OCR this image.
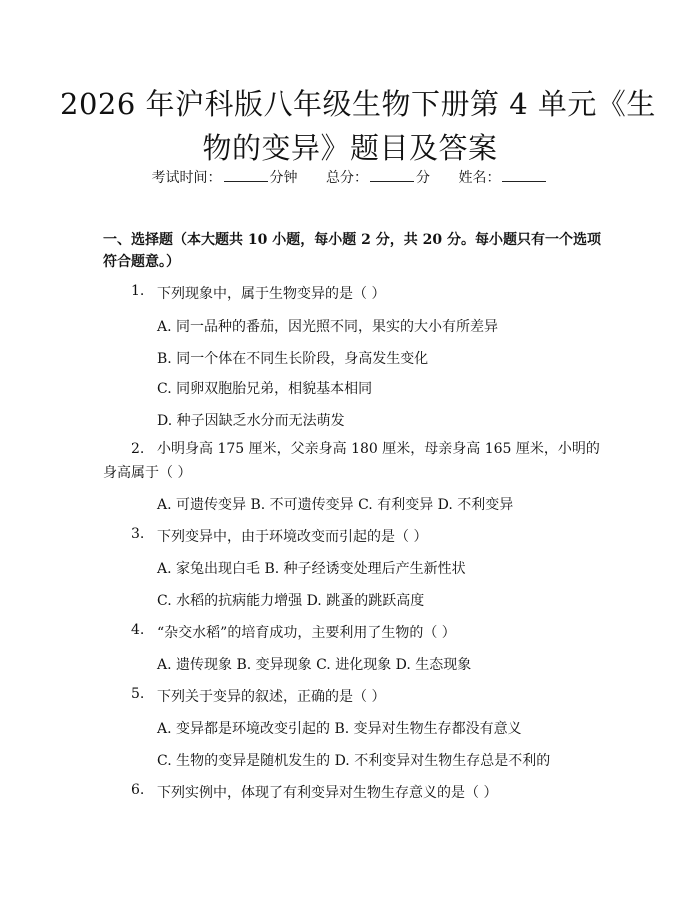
2026 年沪科版八年级生物下册第 4 单元《生
物的变异》题目及答案
考试时间：	分钟 总分：	分 姓名：
一、选择题（本大题共 10 小题，每小题 2 分，共 20 分。每小题只有一个选项符合题意。）
1. 下列现象中，属于生物变异的是（ ）
A. 同一品种的番茄，因光照不同，果实的大小有所差异
B. 同一个体在不同生长阶段，身高发生变化
C. 同卵双胞胎兄弟，相貌基本相同
D. 种子因缺乏水分而无法萌发
2. 小明身高 175 厘米，父亲身高 180 厘米，母亲身高 165 厘米，小明的身高属于（ ）
A. 可遗传变异 B. 不可遗传变异 C. 有利变异 D. 不利变异
3. 下列变异中，由于环境改变而引起的是（ ）
A. 家兔出现白毛 B. 种子经诱变处理后产生新性状
C. 水稻的抗病能力增强 D. 跳蚤的跳跃高度
4. “杂交水稻”的培育成功，主要利用了生物的（ ）
A. 遗传现象 B. 变异现象 C. 进化现象 D. 生态现象
5. 下列关于变异的叙述，正确的是（ ）
A. 变异都是环境改变引起的 B. 变异对生物生存都没有意义
C. 生物的变异是随机发生的 D. 不利变异对生物生存总是不利的
6. 下列实例中，体现了有利变异对生物生存意义的是（ ）
